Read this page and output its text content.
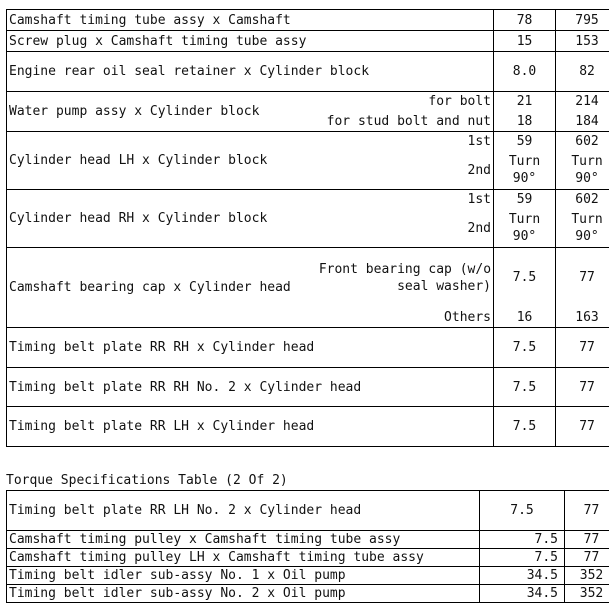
Camshaft timing tube assy x Camshaft		78	795
Screw plug x Camshaft timing tube assy		15	153
Engine rear oil seal retainer x Cylinder block		8.0	82
Water pump assy x Cylinder block	for bolt	21	214
	for stud bolt and nut	18	184
Cylinder head LH x Cylinder block	1st	59	602
	2nd	Turn 90°	Turn 90°
Cylinder head RH x Cylinder block	1st	59	602
	2nd	Turn 90°	Turn 90°
Camshaft bearing cap x Cylinder head	Front bearing cap (w/o seal washer)	7.5	77
	Others	16	163
Timing belt plate RR RH x Cylinder head		7.5	77
Timing belt plate RR RH No. 2 x Cylinder head		7.5	77
Timing belt plate RR LH x Cylinder head		7.5	77
Torque Specifications Table (2 Of 2)
Timing belt plate RR LH No. 2 x Cylinder head	7.5	77
Camshaft timing pulley x Camshaft timing tube assy	7.5	77
Camshaft timing pulley LH x Camshaft timing tube assy	7.5	77
Timing belt idler sub-assy No. 1 x Oil pump	34.5	352
Timing belt idler sub-assy No. 2 x Oil pump	34.5	352
